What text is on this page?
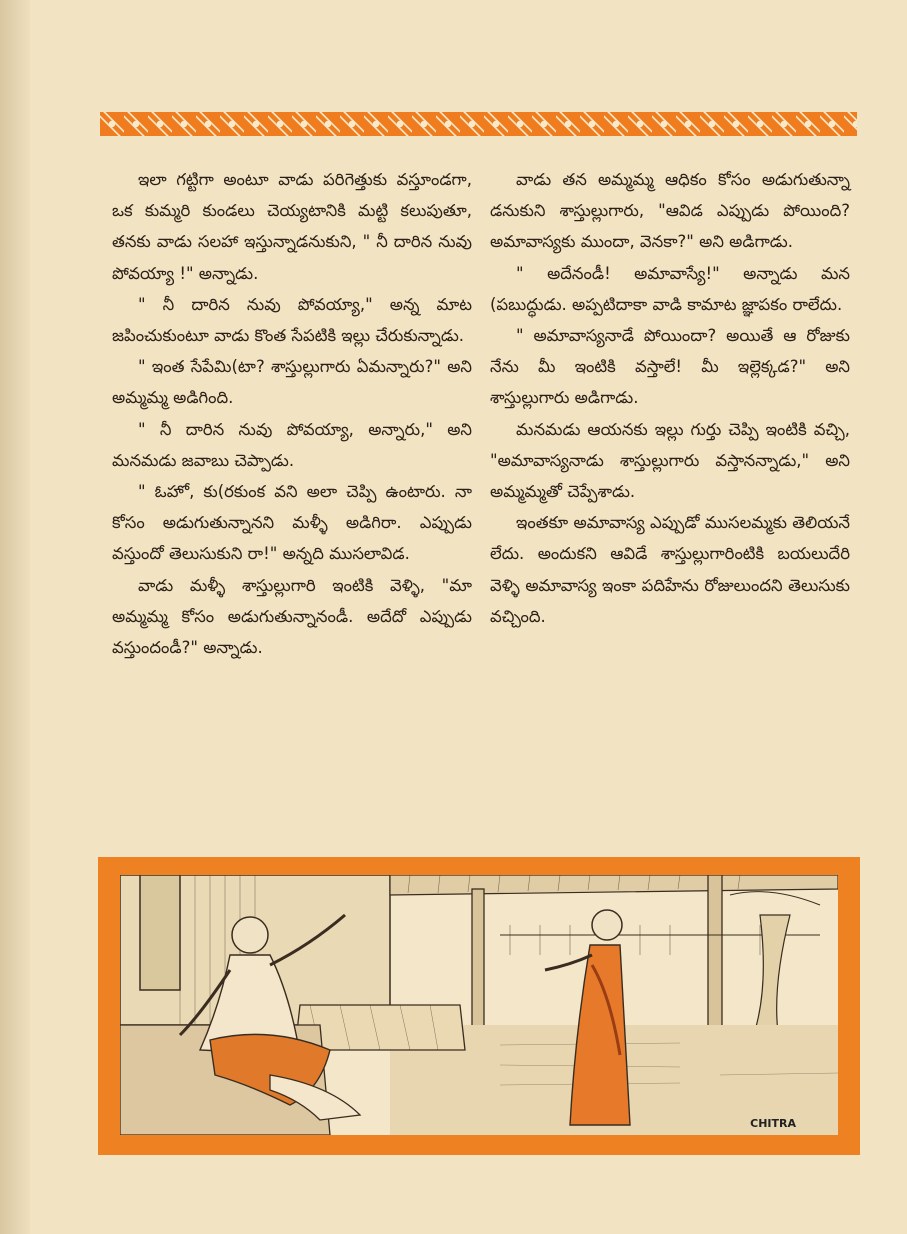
ఇలా గట్టిగా అంటూ వాడు పరిగెత్తుకు వస్తూండగా, ఒక కుమ్మరి కుండలు చెయ్యటానికి మట్టి కలుపుతూ, తనకు వాడు సలహా ఇస్తున్నాడనుకుని, " నీ దారిన నువు పోవయ్యా !" అన్నాడు.

" నీ దారిన నువు పోవయ్యా," అన్న మాట జపించుకుంటూ వాడు కొంత సేపటికి ఇల్లు చేరుకున్నాడు.

" ఇంత సేపేమి(టా? శాస్తుల్లుగారు ఏమన్నారు?" అని అమ్మమ్మ అడిగింది.

" నీ దారిన నువు పోవయ్యా, అన్నారు," అని మనమడు జవాబు చెప్పాడు.

" ఓహో, కు(రకుంక వని అలా చెప్పి ఉంటారు. నా కోసం అడుగుతున్నానని మళ్ళీ అడిగిరా. ఎప్పుడు వస్తుందో తెలుసుకుని రా!" అన్నది ముసలావిడ.

వాడు మళ్ళీ శాస్తుల్లుగారి ఇంటికి వెళ్ళి, "మా అమ్మమ్మ కోసం అడుగుతున్నానండీ. అదేదో ఎప్పుడు వస్తుందండీ?" అన్నాడు.

వాడు తన అమ్మమ్మ ఆధికం కోసం అడుగుతున్నా డనుకుని శాస్తుల్లుగారు, "ఆవిడ ఎప్పుడు పోయింది? అమావాస్యకు ముందా, వెనకా?" అని అడిగాడు.

" అదేనండీ! అమావాస్యే!" అన్నాడు మన (పబుద్ధుడు. అప్పటిదాకా వాడి కామాట జ్ఞాపకం రాలేదు.

" అమావాస్యనాడే పోయిందా? అయితే ఆ రోజుకు నేను మీ ఇంటికి వస్తాలే! మీ ఇల్లెక్కడ?" అని శాస్తుల్లుగారు అడిగాడు.

మనమడు ఆయనకు ఇల్లు గుర్తు చెప్పి ఇంటికి వచ్చి, "అమావాస్యనాడు శాస్తుల్లుగారు వస్తానన్నాడు," అని అమ్మమ్మతో చెప్పేశాడు.

ఇంతకూ అమావాస్య ఎప్పుడో ముసలమ్మకు తెలియనే లేదు. అందుకని ఆవిడే శాస్తుల్లుగారింటికి బయలుదేరి వెళ్ళి అమావాస్య ఇంకా పదిహేను రోజులుందని తెలుసుకు వచ్చింది.

CHITRA
